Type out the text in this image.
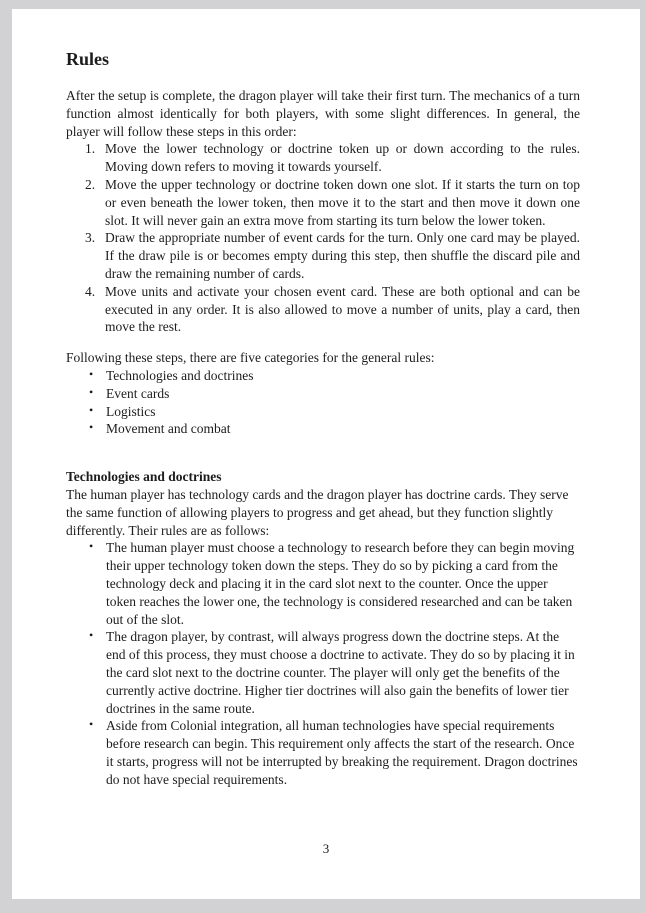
Rules

After the setup is complete, the dragon player will take their first turn. The mechanics of a turn function almost identically for both players, with some slight differences. In general, the player will follow these steps in this order:

1. Move the lower technology or doctrine token up or down according to the rules. Moving down refers to moving it towards yourself.
2. Move the upper technology or doctrine token down one slot. If it starts the turn on top or even beneath the lower token, then move it to the start and then move it down one slot. It will never gain an extra move from starting its turn below the lower token.
3. Draw the appropriate number of event cards for the turn. Only one card may be played. If the draw pile is or becomes empty during this step, then shuffle the discard pile and draw the remaining number of cards.
4. Move units and activate your chosen event card. These are both optional and can be executed in any order. It is also allowed to move a number of units, play a card, then move the rest.

Following these steps, there are five categories for the general rules:

• Technologies and doctrines
• Event cards
• Logistics
• Movement and combat
Technologies and doctrines

The human player has technology cards and the dragon player has doctrine cards. They serve the same function of allowing players to progress and get ahead, but they function slightly differently. Their rules are as follows:

• The human player must choose a technology to research before they can begin moving their upper technology token down the steps. They do so by picking a card from the technology deck and placing it in the card slot next to the counter. Once the upper token reaches the lower one, the technology is considered researched and can be taken out of the slot.
• The dragon player, by contrast, will always progress down the doctrine steps. At the end of this process, they must choose a doctrine to activate. They do so by placing it in the card slot next to the doctrine counter. The player will only get the benefits of the currently active doctrine. Higher tier doctrines will also gain the benefits of lower tier doctrines in the same route.
• Aside from Colonial integration, all human technologies have special requirements before research can begin. This requirement only affects the start of the research. Once it starts, progress will not be interrupted by breaking the requirement. Dragon doctrines do not have special requirements.
3
